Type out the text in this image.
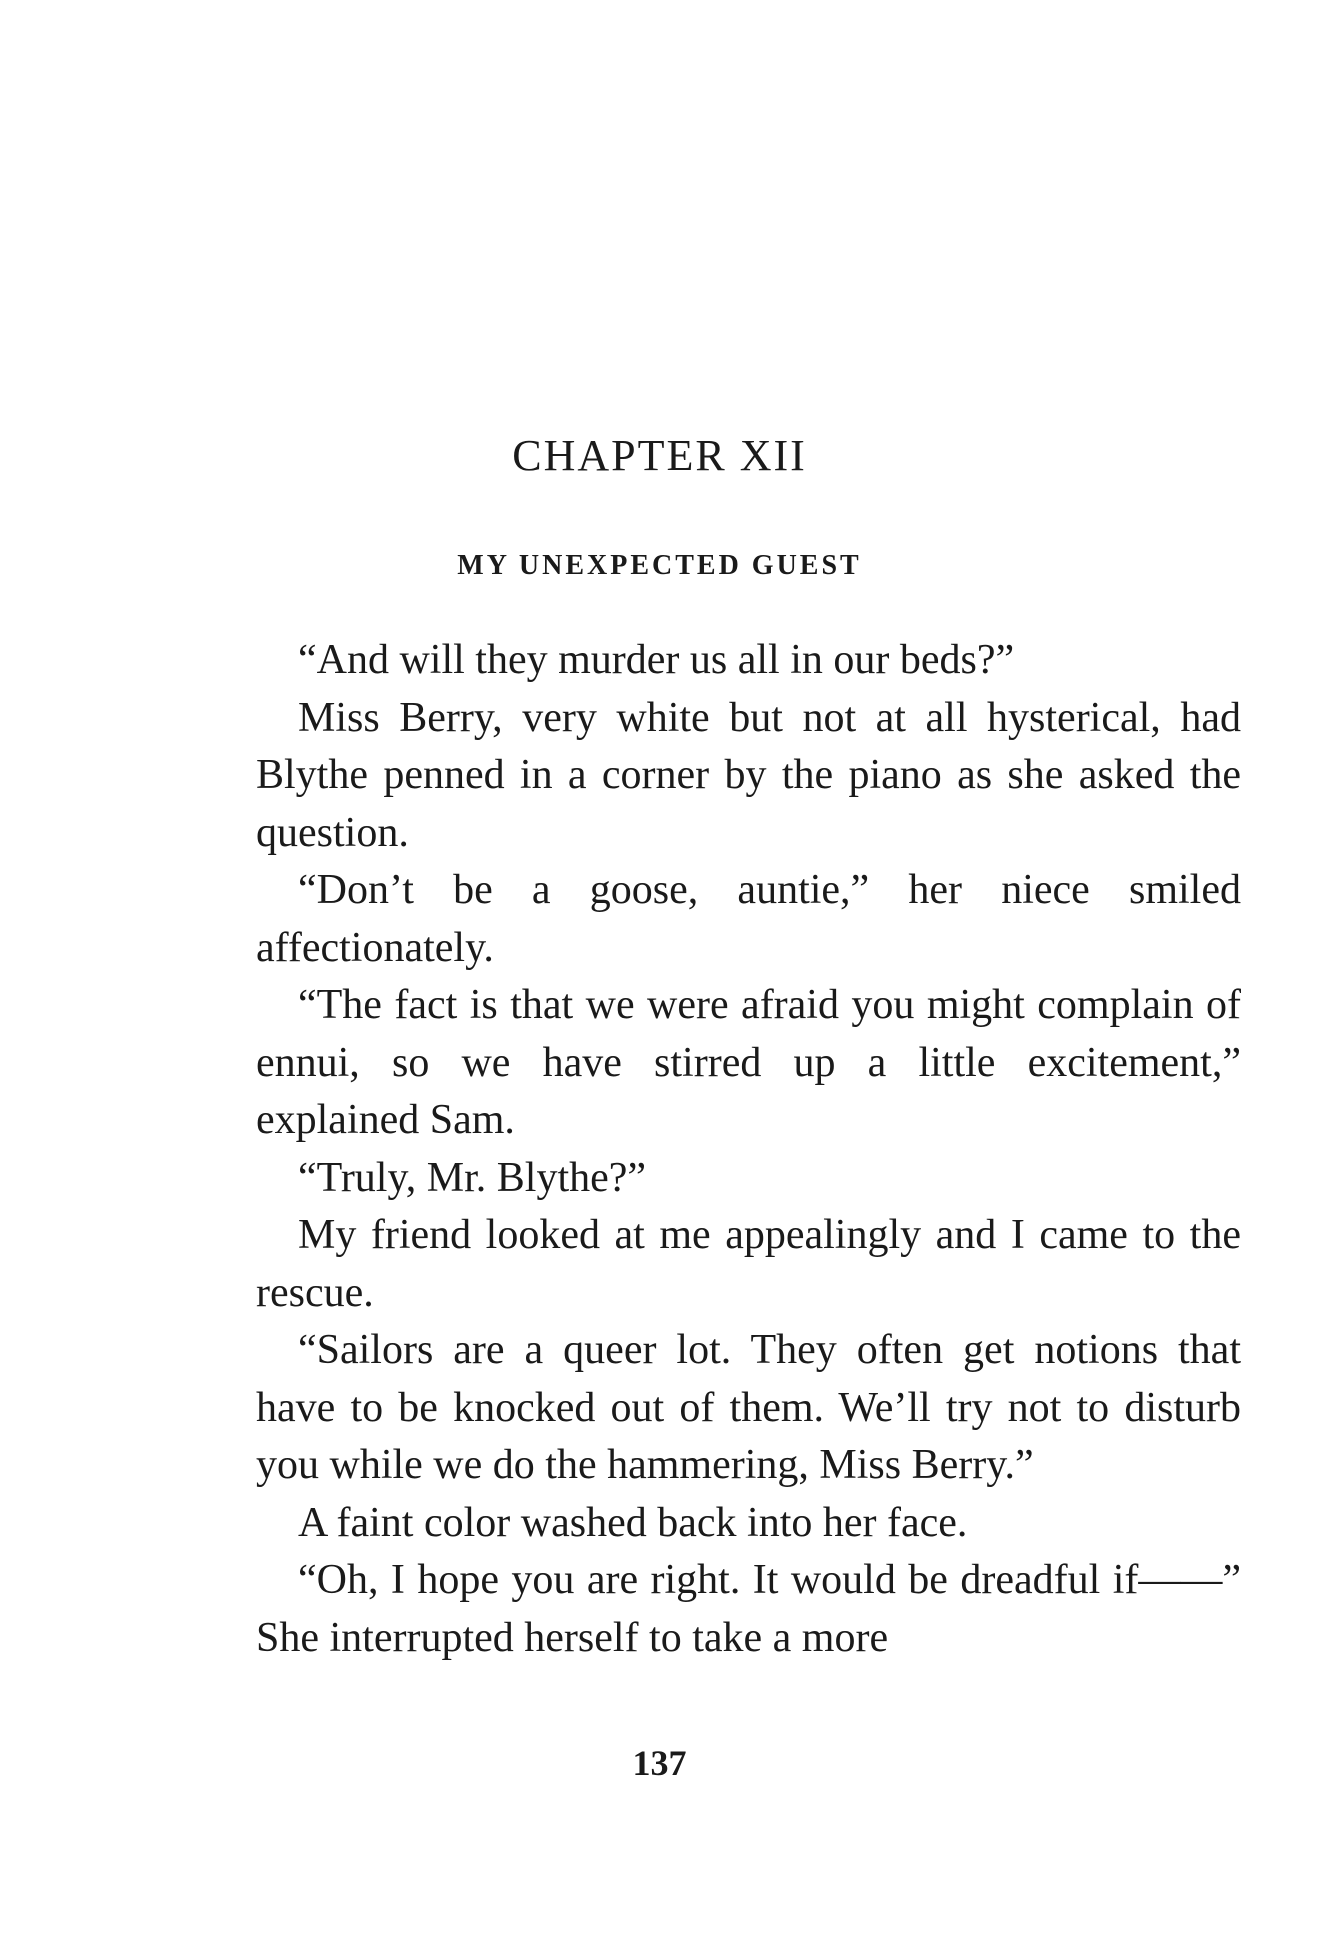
CHAPTER XII
MY UNEXPECTED GUEST

“And will they murder us all in our beds?”

Miss Berry, very white but not at all hysterical, had Blythe penned in a corner by the piano as she asked the question.

“Don’t be a goose, auntie,” her niece smiled affectionately.

“The fact is that we were afraid you might complain of ennui, so we have stirred up a little excitement,” explained Sam.

“Truly, Mr. Blythe?”

My friend looked at me appealingly and I came to the rescue.

“Sailors are a queer lot. They often get notions that have to be knocked out of them. We’ll try not to disturb you while we do the hammering, Miss Berry.”

A faint color washed back into her face.

“Oh, I hope you are right. It would be dreadful if——” She interrupted herself to take a more

137
